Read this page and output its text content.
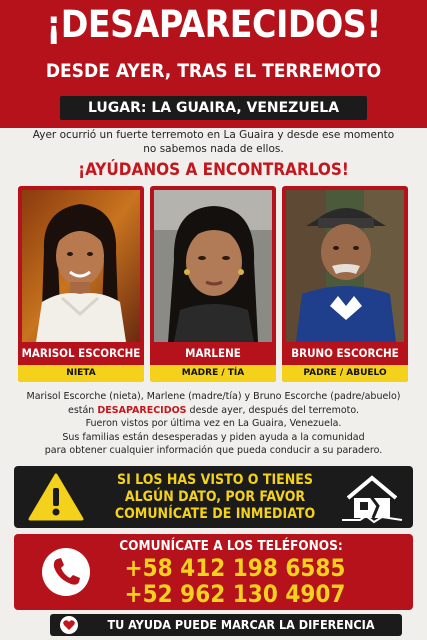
¡DESAPARECIDOS!
DESDE AYER, TRAS EL TERREMOTO
LUGAR: LA GUAIRA, VENEZUELA
Ayer ocurrió un fuerte terremoto en La Guaira y desde ese momento
no sabemos nada de ellos.
¡AYÚDANOS A ENCONTRARLOS!
MARISOL ESCORCHE
NIETA
MARLENE
MADRE / TÍA
BRUNO ESCORCHE
PADRE / ABUELO
Marisol Escorche (nieta), Marlene (madre/tía) y Bruno Escorche (padre/abuelo)
están DESAPARECIDOS desde ayer, después del terremoto.
Fueron vistos por última vez en La Guaira, Venezuela.
Sus familias están desesperadas y piden ayuda a la comunidad
para obtener cualquier información que pueda conducir a su paradero.
SI LOS HAS VISTO O TIENES
ALGÚN DATO, POR FAVOR
COMUNÍCATE DE INMEDIATO
COMUNÍCATE A LOS TELÉFONOS:
+58 412 198 6585
+52 962 130 4907
TU AYUDA PUEDE MARCAR LA DIFERENCIA
